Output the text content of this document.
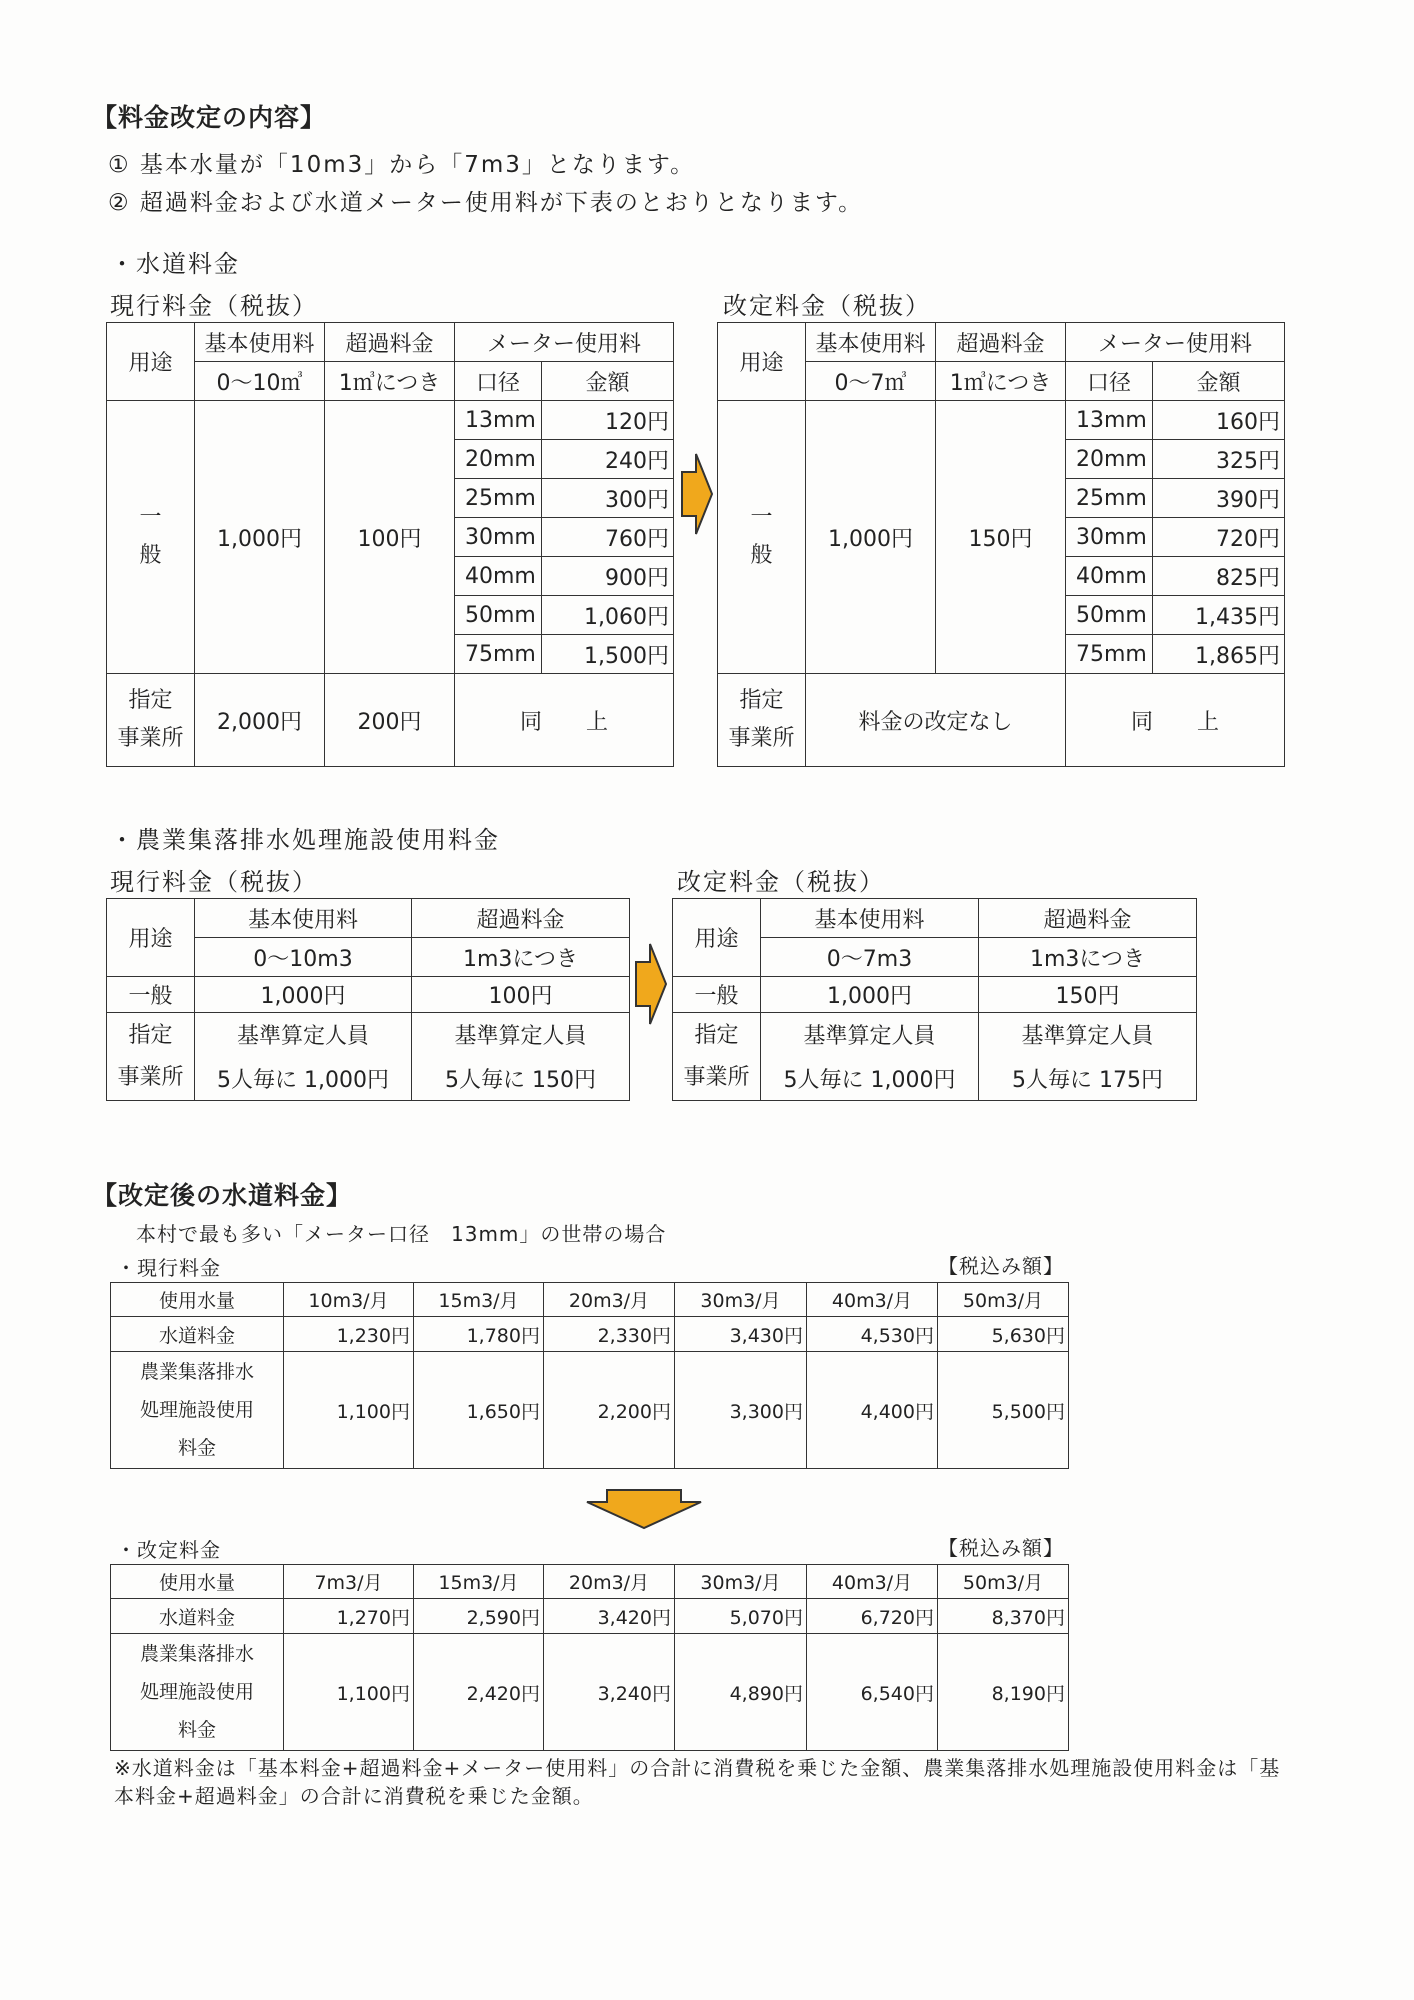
【料金改定の内容】
① 基本水量が「10m3」から「7m3」となります。
② 超過料金および水道メーター使用料が下表のとおりとなります。
・水道料金
現行料金（税抜）	改定料金（税抜）
用途	基本使用料	超過料金	メーター使用料	
	0～10㎥	1㎥につき	口径	金額
一
般	1,000円	100円	13mm	120円
			20mm	240円
			25mm	300円
			30mm	760円
			40mm	900円
			50mm	1,060円
			75mm	1,500円
指定
事業所	2,000円	200円	同　　上	
用途	基本使用料	超過料金	メーター使用料	
	0～7㎥	1㎥につき	口径	金額
一
般	1,000円	150円	13mm	160円
			20mm	325円
			25mm	390円
			30mm	720円
			40mm	825円
			50mm	1,435円
			75mm	1,865円
指定
事業所	料金の改定なし		同　　上	
・農業集落排水処理施設使用料金
現行料金（税抜）	改定料金（税抜）
用途	基本使用料	超過料金
	0～10m3	1m3につき
一般	1,000円	100円
指定
事業所	基準算定人員	基準算定人員
	5人毎に 1,000円	5人毎に 150円
用途	基本使用料	超過料金
	0～7m3	1m3につき
一般	1,000円	150円
指定
事業所	基準算定人員	基準算定人員
	5人毎に 1,000円	5人毎に 175円
【改定後の水道料金】
本村で最も多い「メーター口径　13mm」の世帯の場合
・現行料金	【税込み額】
使用水量	10m3/月	15m3/月	20m3/月	30m3/月	40m3/月	50m3/月
水道料金	1,230円	1,780円	2,330円	3,430円	4,530円	5,630円
農業集落排水
処理施設使用
料金	1,100円	1,650円	2,200円	3,300円	4,400円	5,500円
・改定料金	【税込み額】
使用水量	7m3/月	15m3/月	20m3/月	30m3/月	40m3/月	50m3/月
水道料金	1,270円	2,590円	3,420円	5,070円	6,720円	8,370円
農業集落排水
処理施設使用
料金	1,100円	2,420円	3,240円	4,890円	6,540円	8,190円
※水道料金は「基本料金+超過料金+メーター使用料」の合計に消費税を乗じた金額、農業集落排水処理施設使用料金は「基本料金+超過料金」の合計に消費税を乗じた金額。
